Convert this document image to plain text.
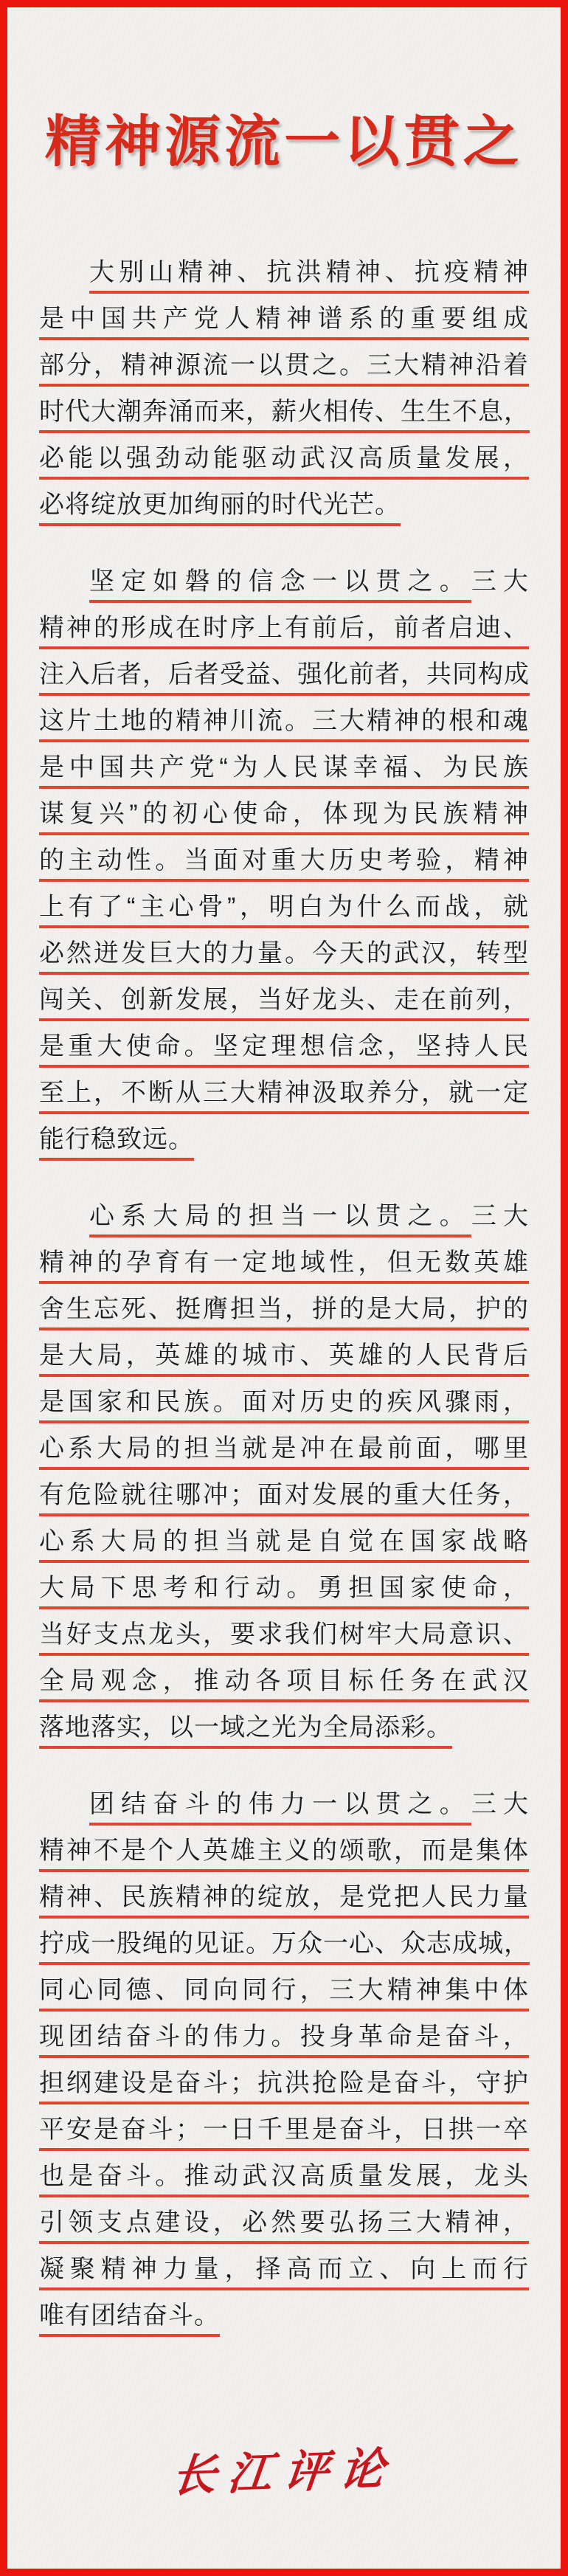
精神源流一以贯之
大别山精神、抗洪精神、抗疫精神
是中国共产党人精神谱系的重要组成
部分，精神源流一以贯之。三大精神沿着
时代大潮奔涌而来，薪火相传、生生不息，
必能以强劲动能驱动武汉高质量发展，
必将绽放更加绚丽的时代光芒。
坚定如磐的信念一以贯之。三大
精神的形成在时序上有前后，前者启迪、
注入后者，后者受益、强化前者，共同构成
这片土地的精神川流。三大精神的根和魂
是中国共产党“为人民谋幸福、为民族
谋复兴”的初心使命，体现为民族精神
的主动性。当面对重大历史考验，精神
上有了“主心骨”，明白为什么而战，就
必然迸发巨大的力量。今天的武汉，转型
闯关、创新发展，当好龙头、走在前列，
是重大使命。坚定理想信念，坚持人民
至上，不断从三大精神汲取养分，就一定
能行稳致远。
心系大局的担当一以贯之。三大
精神的孕育有一定地域性，但无数英雄
舍生忘死、挺膺担当，拼的是大局，护的
是大局，英雄的城市、英雄的人民背后
是国家和民族。面对历史的疾风骤雨，
心系大局的担当就是冲在最前面，哪里
有危险就往哪冲；面对发展的重大任务，
心系大局的担当就是自觉在国家战略
大局下思考和行动。勇担国家使命，
当好支点龙头，要求我们树牢大局意识、
全局观念，推动各项目标任务在武汉
落地落实，以一域之光为全局添彩。
团结奋斗的伟力一以贯之。三大
精神不是个人英雄主义的颂歌，而是集体
精神、民族精神的绽放，是党把人民力量
拧成一股绳的见证。万众一心、众志成城，
同心同德、同向同行，三大精神集中体
现团结奋斗的伟力。投身革命是奋斗，
担纲建设是奋斗；抗洪抢险是奋斗，守护
平安是奋斗；一日千里是奋斗，日拱一卒
也是奋斗。推动武汉高质量发展，龙头
引领支点建设，必然要弘扬三大精神，
凝聚精神力量，择高而立、向上而行
唯有团结奋斗。
长江评论
